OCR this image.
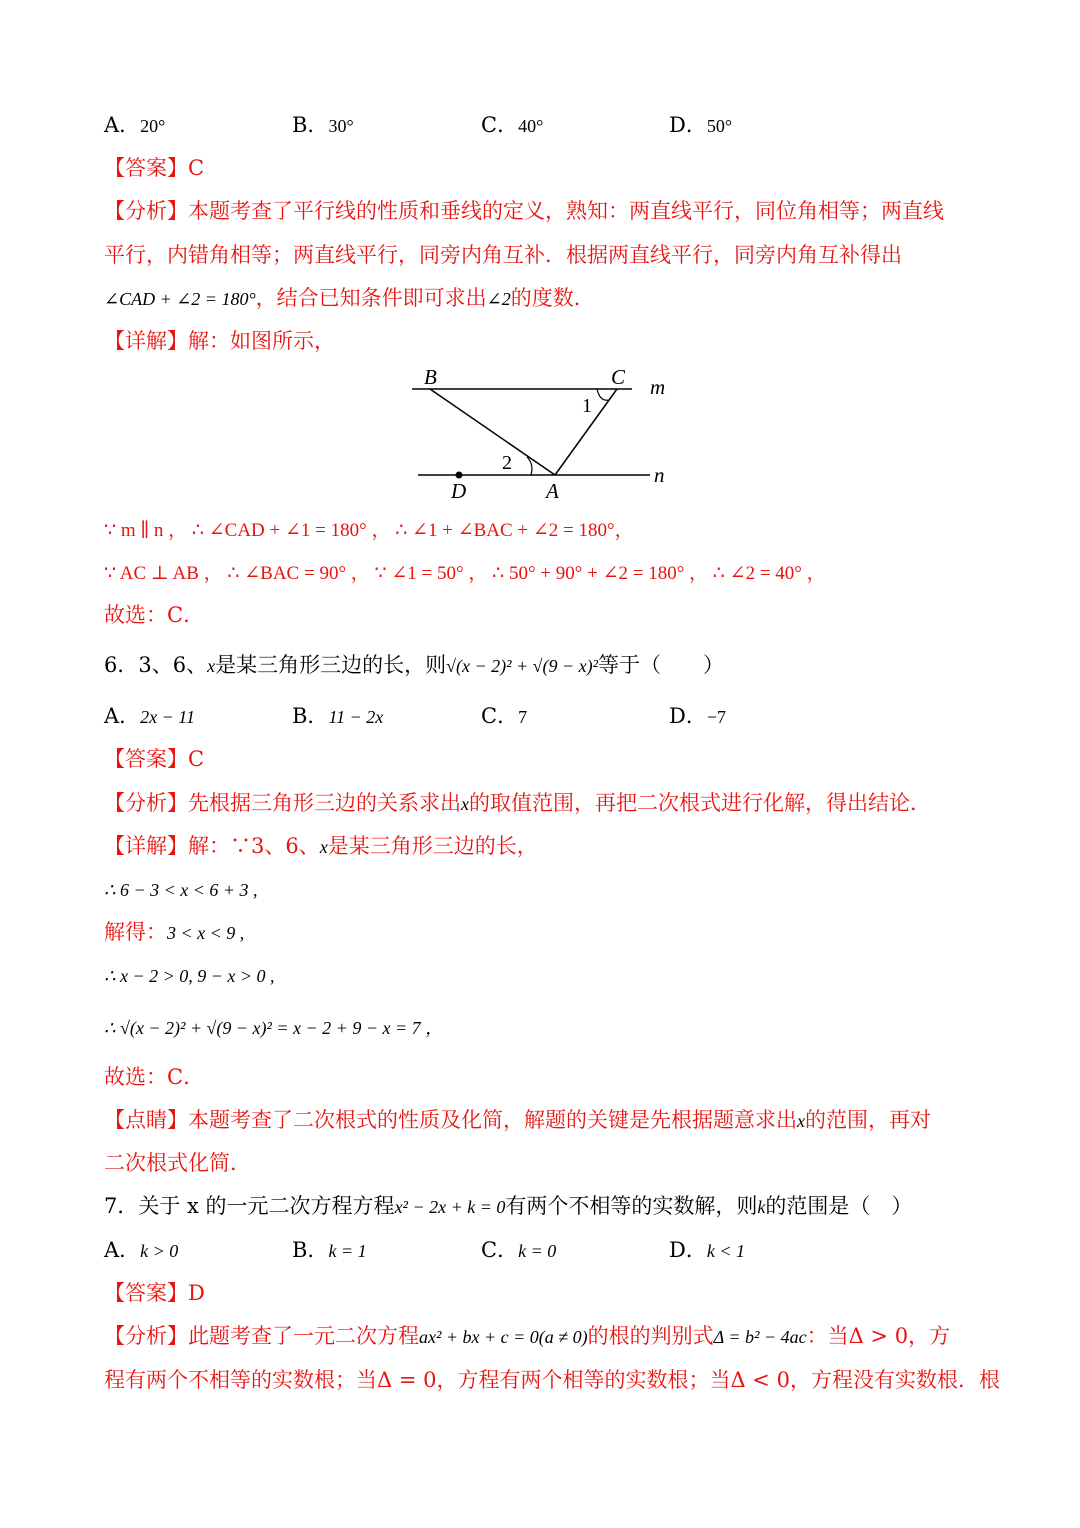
A．20°	B．30°	C．40°	D．50°
【答案】C
【分析】本题考查了平行线的性质和垂线的定义，熟知：两直线平行，同位角相等；两直线
平行，内错角相等；两直线平行，同旁内角互补．根据两直线平行，同旁内角互补得出
∠CAD + ∠2 = 180°，结合已知条件即可求出∠2的度数．
【详解】解：如图所示，
B	C m
1
2
D	A
n
∵ m ∥ n ， ∴ ∠CAD + ∠1 = 180° ， ∴ ∠1 + ∠BAC + ∠2 = 180°，
∵ AC ⊥ AB ， ∴ ∠BAC = 90° ， ∵ ∠1 = 50° ， ∴ 50° + 90° + ∠2 = 180° ， ∴ ∠2 = 40° ，
故选：C．
6．3、6、x是某三角形三边的长，则√(x − 2)² + √(9 − x)²等于（　　）
A．2x − 11	B．11 − 2x	C．7	D．−7
【答案】C
【分析】先根据三角形三边的关系求出x的取值范围，再把二次根式进行化解，得出结论．
【详解】解：∵3、6、x是某三角形三边的长，
∴ 6 − 3 < x < 6 + 3 ,
解得：3 < x < 9 ,
∴ x − 2 > 0, 9 − x > 0 ,
∴ √(x − 2)² + √(9 − x)² = x − 2 + 9 − x = 7 ，
故选：C．
【点睛】本题考查了二次根式的性质及化简，解题的关键是先根据题意求出x的范围，再对
二次根式化简．
7．关于 x 的一元二次方程方程x² − 2x + k = 0有两个不相等的实数解，则k的范围是（　）
A．k > 0	B．k = 1	C．k = 0	D．k < 1
【答案】D
【分析】此题考查了一元二次方程ax² + bx + c = 0(a ≠ 0)的根的判别式Δ = b² − 4ac：当Δ > 0，方
程有两个不相等的实数根；当Δ = 0，方程有两个相等的实数根；当Δ < 0，方程没有实数根．根
